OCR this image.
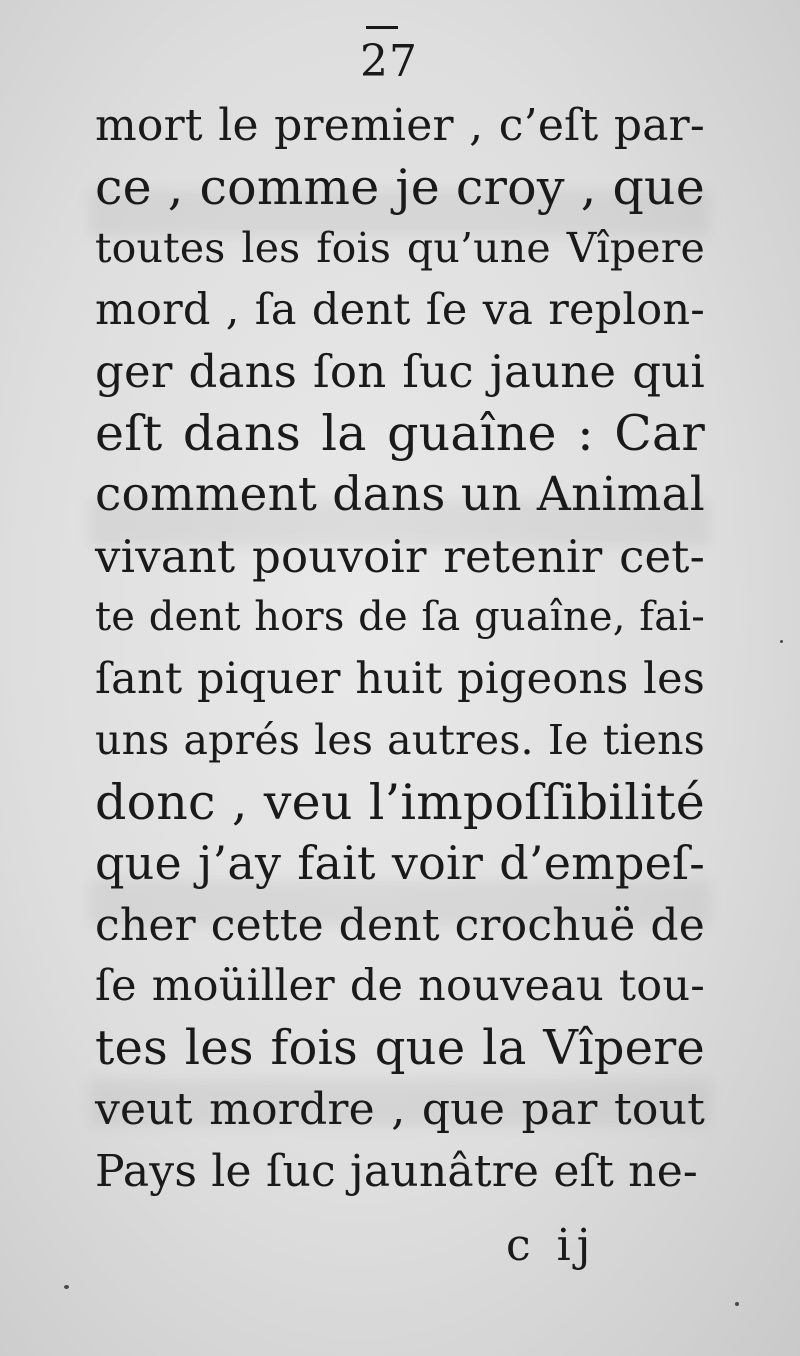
27
mort le premier , c’eſt par-
ce , comme je croy , que
toutes les fois qu’une Vîpere
mord , ſa dent ſe va replon-
ger dans ſon ſuc jaune qui
eſt dans la guaîne : Car
comment dans un Animal
vivant pouvoir retenir cet-
te dent hors de ſa guaîne, fai-
ſant piquer huit pigeons les
uns aprés les autres. Ie tiens
donc , veu l’impoſſibilité
que j’ay fait voir d’empeſ-
cher cette dent crochuë de
ſe moüiller de nouveau tou-
tes les fois que la Vîpere
veut mordre , que par tout
Pays le ſuc jaunâtre eſt ne-
c ij
